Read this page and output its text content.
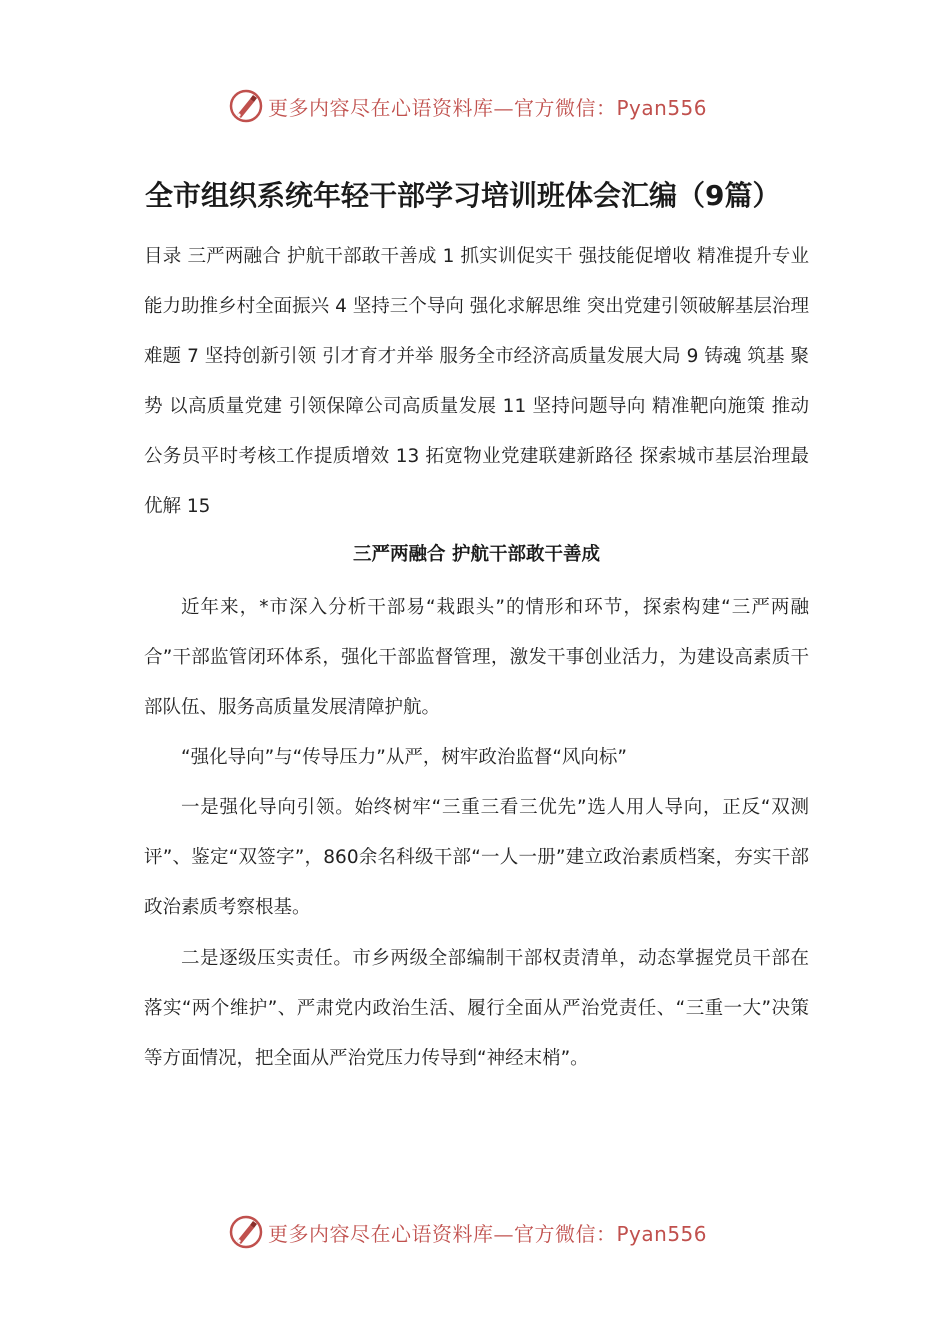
更多内容尽在心语资料库—官方微信：Pyan556
全市组织系统年轻干部学习培训班体会汇编（9篇）
目录 三严两融合 护航干部敢干善成 1 抓实训促实干 强技能促增收 精准提升专业能力助推乡村全面振兴 4 坚持三个导向 强化求解思维 突出党建引领破解基层治理难题 7 坚持创新引领 引才育才并举 服务全市经济高质量发展大局 9 铸魂 筑基 聚势 以高质量党建 引领保障公司高质量发展 11 坚持问题导向 精准靶向施策 推动公务员平时考核工作提质增效 13 拓宽物业党建联建新路径 探索城市基层治理最优解 15
三严两融合 护航干部敢干善成
近年来，*市深入分析干部易“栽跟头”的情形和环节，探索构建“三严两融合”干部监管闭环体系，强化干部监督管理，激发干事创业活力，为建设高素质干部队伍、服务高质量发展清障护航。
“强化导向”与“传导压力”从严，树牢政治监督“风向标”
一是强化导向引领。始终树牢“三重三看三优先”选人用人导向，正反“双测评”、鉴定“双签字”，860余名科级干部“一人一册”建立政治素质档案，夯实干部政治素质考察根基。
二是逐级压实责任。市乡两级全部编制干部权责清单，动态掌握党员干部在落实“两个维护”、严肃党内政治生活、履行全面从严治党责任、“三重一大”决策等方面情况，把全面从严治党压力传导到“神经末梢”。
更多内容尽在心语资料库—官方微信：Pyan556
